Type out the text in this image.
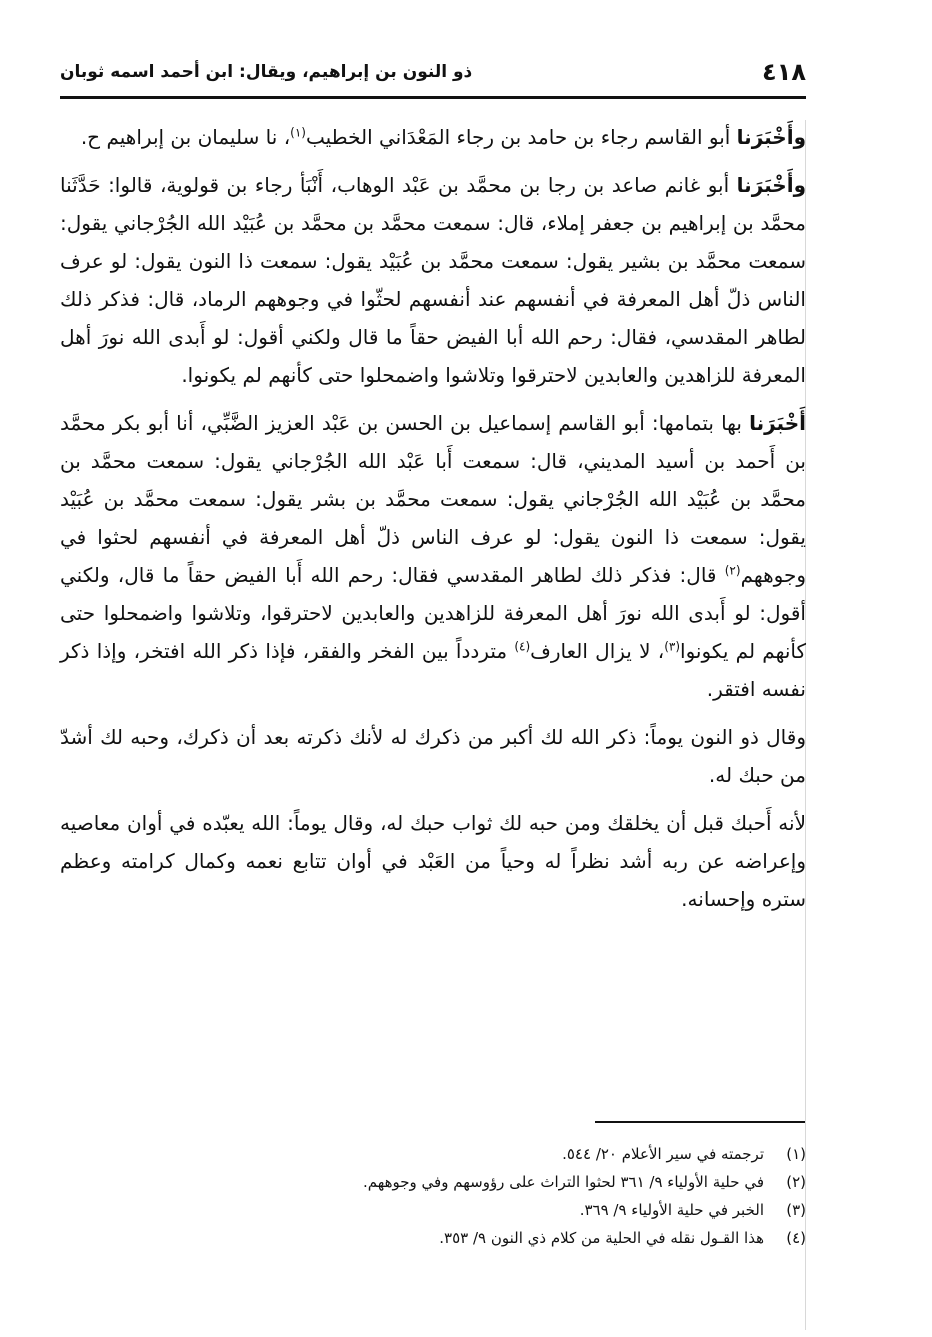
٤١٨
ذو النون بن إبراهيم، ويقال: ابن أحمد اسمه ثوبان

وأَخْبَرَنا أبو القاسم رجاء بن حامد بن رجاء المَعْدَاني الخطيب$^{(١)}$، نا سليمان بن إبراهيم ح.

وأَخْبَرَنا أبو غانم صاعد بن رجا بن محمَّد بن عَبْد الوهاب، أَنْبَأ رجاء بن قولوية، قالوا: حَدَّثَنا محمَّد بن إبراهيم بن جعفر إملاء، قال: سمعت محمَّد بن محمَّد بن عُبَيْد الله الجُرْجاني يقول: سمعت محمَّد بن بشير يقول: سمعت محمَّد بن عُبَيْد يقول: سمعت ذا النون يقول: لو عرف الناس ذلّ أهل المعرفة في أنفسهم عند أنفسهم لحثّوا في وجوههم الرماد، قال: فذكر ذلك لطاهر المقدسي، فقال: رحم الله أبا الفيض حقاً ما قال ولكني أقول: لو أَبدى الله نورَ أهل المعرفة للزاهدين والعابدين لاحترقوا وتلاشوا واضمحلوا حتى كأنهم لم يكونوا.

أَخْبَرَنا بها بتمامها: أبو القاسم إسماعيل بن الحسن بن عَبْد العزيز الضَّبِّي، أنا أبو بكر محمَّد بن أَحمد بن أسيد المديني، قال: سمعت أَبا عَبْد الله الجُرْجاني يقول: سمعت محمَّد بن محمَّد بن عُبَيْد الله الجُرْجاني يقول: سمعت محمَّد بن بشر يقول: سمعت محمَّد بن عُبَيْد يقول: سمعت ذا النون يقول: لو عرف الناس ذلّ أهل المعرفة في أنفسهم لحثوا في وجوههم$^{(٢)}$ قال: فذكر ذلك لطاهر المقدسي فقال: رحم الله أَبا الفيض حقاً ما قال، ولكني أقول: لو أَبدى الله نورَ أهل المعرفة للزاهدين والعابدين لاحترقوا، وتلاشوا واضمحلوا حتى كأنهم لم يكونوا$^{(٣)}$، لا يزال العارف$^{(٤)}$ متردداً بين الفخر والفقر، فإذا ذكر الله افتخر، وإذا ذكر نفسه افتقر.

وقال ذو النون يوماً: ذكر الله لك أكبر من ذكرك له لأنك ذكرته بعد أن ذكرك، وحبه لك أشدّ من حبك له.

لأنه أَحبك قبل أن يخلقك ومن حبه لك ثواب حبك له، وقال يوماً: الله يعبّده في أوان معاصيه وإعراضه عن ربه أشد نظراً له وحياً من العَبْد في أوان تتابع نعمه وكمال كرامته وعظم ستره وإحسانه.

(١)ترجمته في سير الأعلام ٢٠/ ٥٤٤.

(٢)في حلية الأولياء ٩/ ٣٦١ لحثوا التراث على رؤوسهم وفي وجوههم.

(٣)الخبر في حلية الأولياء ٩/ ٣٦٩.

(٤)هذا القـول نقله في الحلية من كلام ذي النون ٩/ ٣٥٣.
